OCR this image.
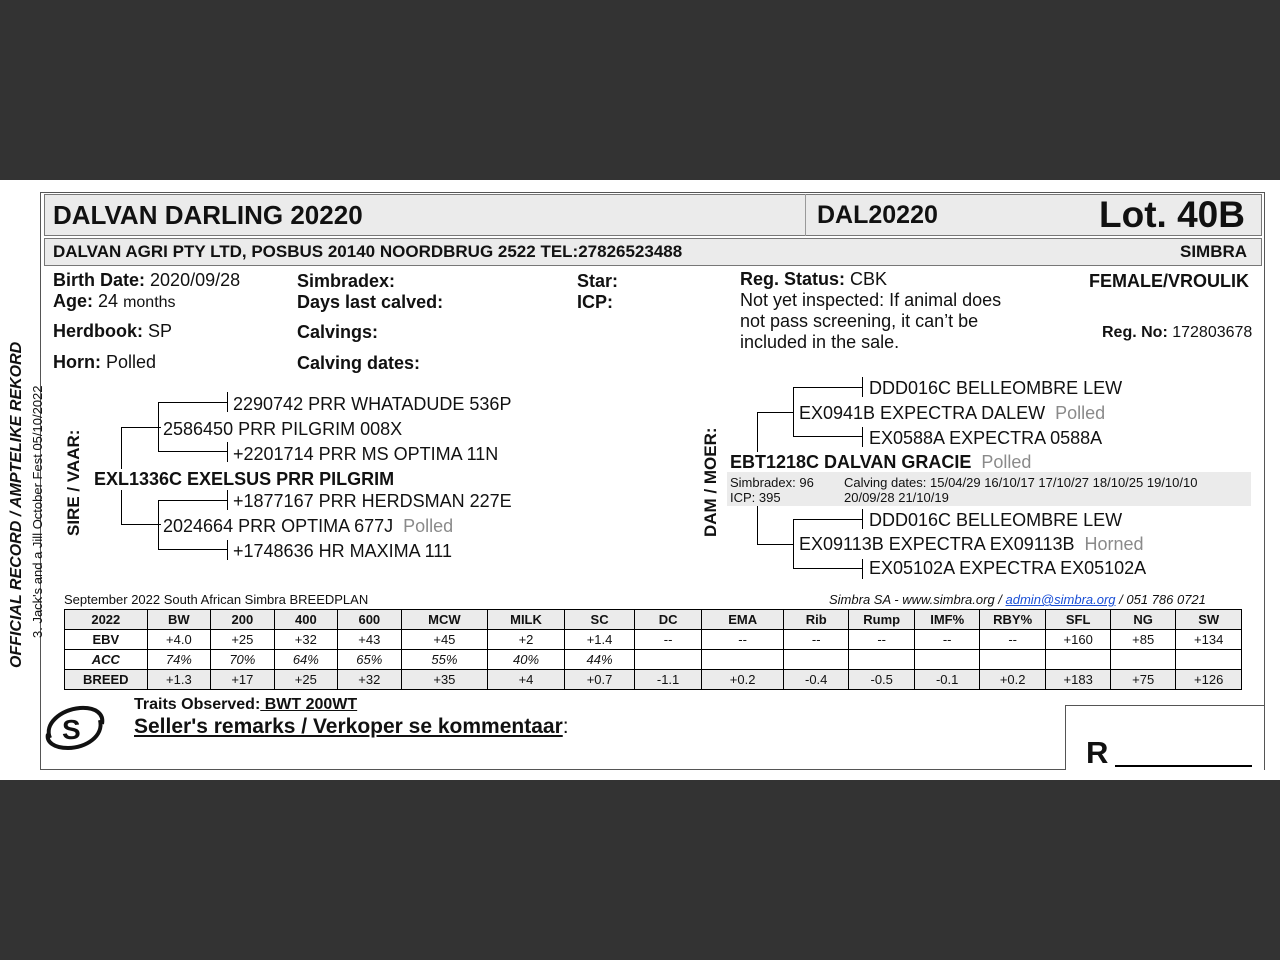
DALVAN DARLING 20220	DAL20220	Lot. 40B
DALVAN AGRI PTY LTD, POSBUS 20140 NOORDBRUG 2522 TEL:27826523488	SIMBRA
Birth Date: 2020/09/28
Age: 24 months
Herdbook: SP
Horn: Polled
Simbradex:
Days last calved:
Calvings:
Calving dates:
Star:
ICP:
Reg. Status: CBK
Not yet inspected: If animal does
not pass screening, it can’t be
included in the sale.
FEMALE/VROULIK
Reg. No: 172803678
OFFICIAL RECORD / AMPTELIKE REKORD 3. Jack's and a Jill October Fest 05/10/2022 SIRE / VAAR:	DAM / MOER:
2290742 PRR WHATADUDE 536P
2586450 PRR PILGRIM 008X
+2201714 PRR MS OPTIMA 11N
EXL1336C EXELSUS PRR PILGRIM
+1877167 PRR HERDSMAN 227E
2024664 PRR OPTIMA 677J Polled
+1748636 HR MAXIMA 111
DDD016C BELLEOMBRE LEW
EX0941B EXPECTRA DALEW Polled
EX0588A EXPECTRA 0588A
EBT1218C DALVAN GRACIE Polled
Simbradex: 96
ICP: 395
Calving dates: 15/04/29 16/10/17 17/10/27 18/10/25 19/10/10
20/09/28 21/10/19
DDD016C BELLEOMBRE LEW
EX09113B EXPECTRA EX09113B Horned
EX05102A EXPECTRA EX05102A
September 2022 South African Simbra BREEDPLAN	Simbra SA - www.simbra.org / admin@simbra.org / 051 786 0721
2022	BW	200	400	600	MCW	MILK	SC	DC	EMA	Rib	Rump	IMF%	RBY%	SFL	NG	SW
EBV	+4.0	+25	+32	+43	+45	+2	+1.4	--	--	--	--	--	--	+160	+85	+134
ACC	74%	70%	64%	65%	55%	40%	44%									
BREED	+1.3	+17	+25	+32	+35	+4	+0.7	-1.1	+0.2	-0.4	-0.5	-0.1	+0.2	+183	+75	+126
S
Traits Observed: BWT 200WT
Seller's remarks / Verkoper se kommentaar:
R
